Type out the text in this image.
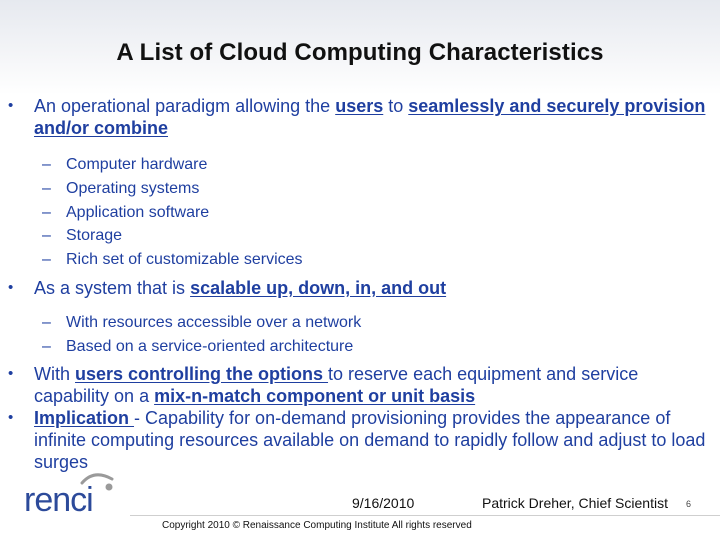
A List of Cloud Computing Characteristics
•	An operational paradigm allowing the users to seamlessly and securely provision and/or combine
– Computer hardware
– Operating systems
– Application software
– Storage
– Rich set of customizable services
•	As a system that is scalable up, down, in, and out
– With resources accessible over a network
– Based on a service-oriented architecture
•	With users controlling the options to reserve each equipment and service capability on a mix-n-match component or unit basis
•	Implication - Capability for on-demand provisioning provides the appearance of infinite computing resources available on demand to rapidly follow and adjust to load surges
renci	9/16/2010	Patrick Dreher, Chief Scientist 6
Copyright 2010 © Renaissance Computing Institute All rights reserved
